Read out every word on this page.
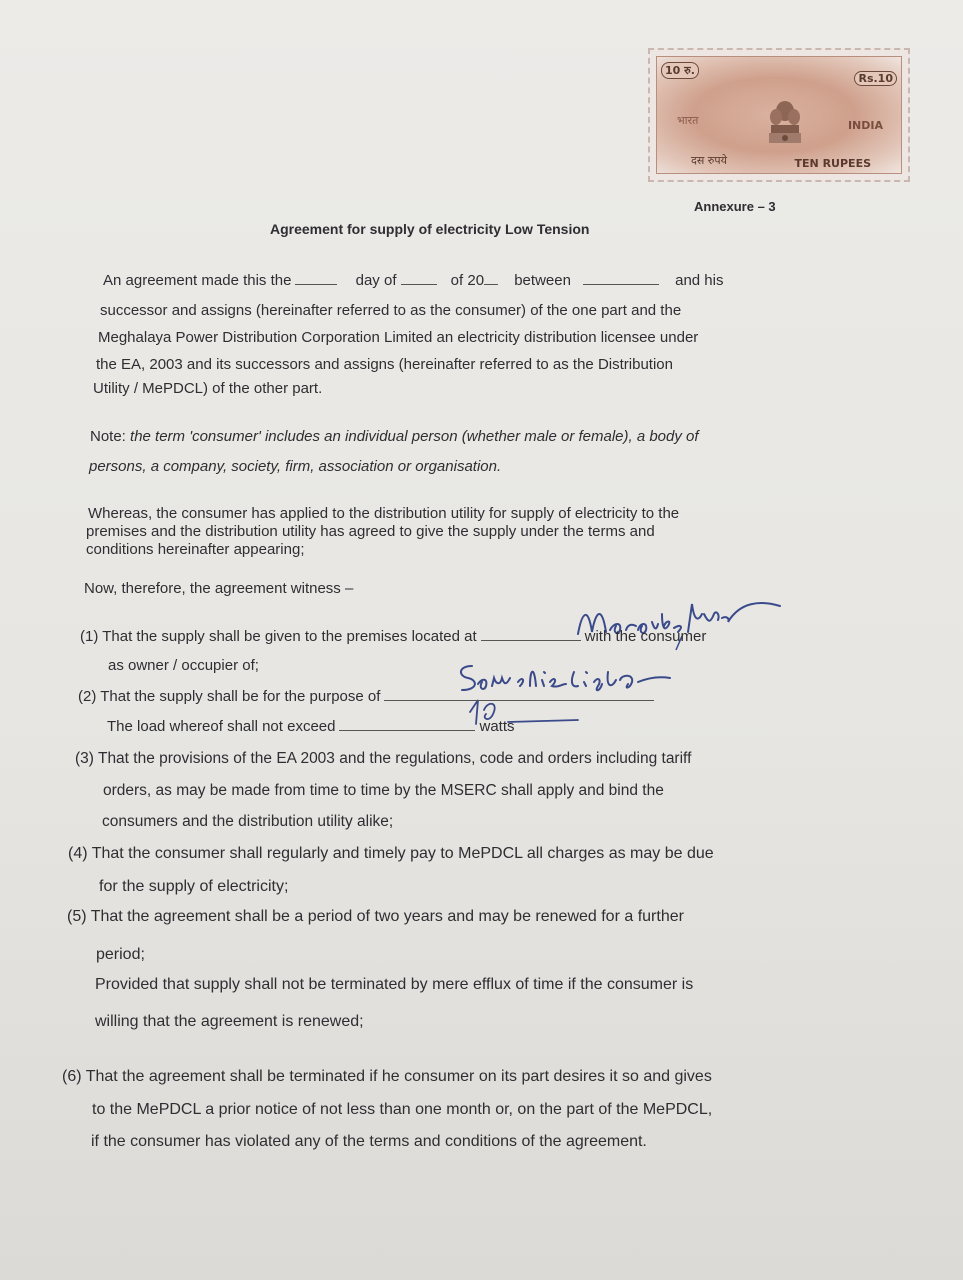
10 रु.
Rs.10
INDIA
भारत
दस रुपये	TEN RUPEES
Annexure – 3
Agreement for supply of electricity Low Tension
An agreement made this the	day of	of 20 between	and his
successor and assigns (hereinafter referred to as the consumer) of the one part and the
Meghalaya Power Distribution Corporation Limited an electricity distribution licensee under
the EA, 2003 and its successors and assigns (hereinafter referred to as the Distribution
Utility / MePDCL) of the other part.
Note: the term 'consumer' includes an individual person (whether male or female), a body of
persons, a company, society, firm, association or organisation.
Whereas, the consumer has applied to the distribution utility for supply of electricity to the
premises and the distribution utility has agreed to give the supply under the terms and
conditions hereinafter appearing;
Now, therefore, the agreement witness –
(1) That the supply shall be given to the premises located at	with the consumer
as owner / occupier of;
(2) That the supply shall be for the purpose of
The load whereof shall not exceed	watts
(3) That the provisions of the EA 2003 and the regulations, code and orders including tariff
orders, as may be made from time to time by the MSERC shall apply and bind the
consumers and the distribution utility alike;
(4) That the consumer shall regularly and timely pay to MePDCL all charges as may be due
for the supply of electricity;
(5) That the agreement shall be a period of two years and may be renewed for a further
period;
Provided that supply shall not be terminated by mere efflux of time if the consumer is
willing that the agreement is renewed;
(6) That the agreement shall be terminated if he consumer on its part desires it so and gives
to the MePDCL a prior notice of not less than one month or, on the part of the MePDCL,
if the consumer has violated any of the terms and conditions of the agreement.
